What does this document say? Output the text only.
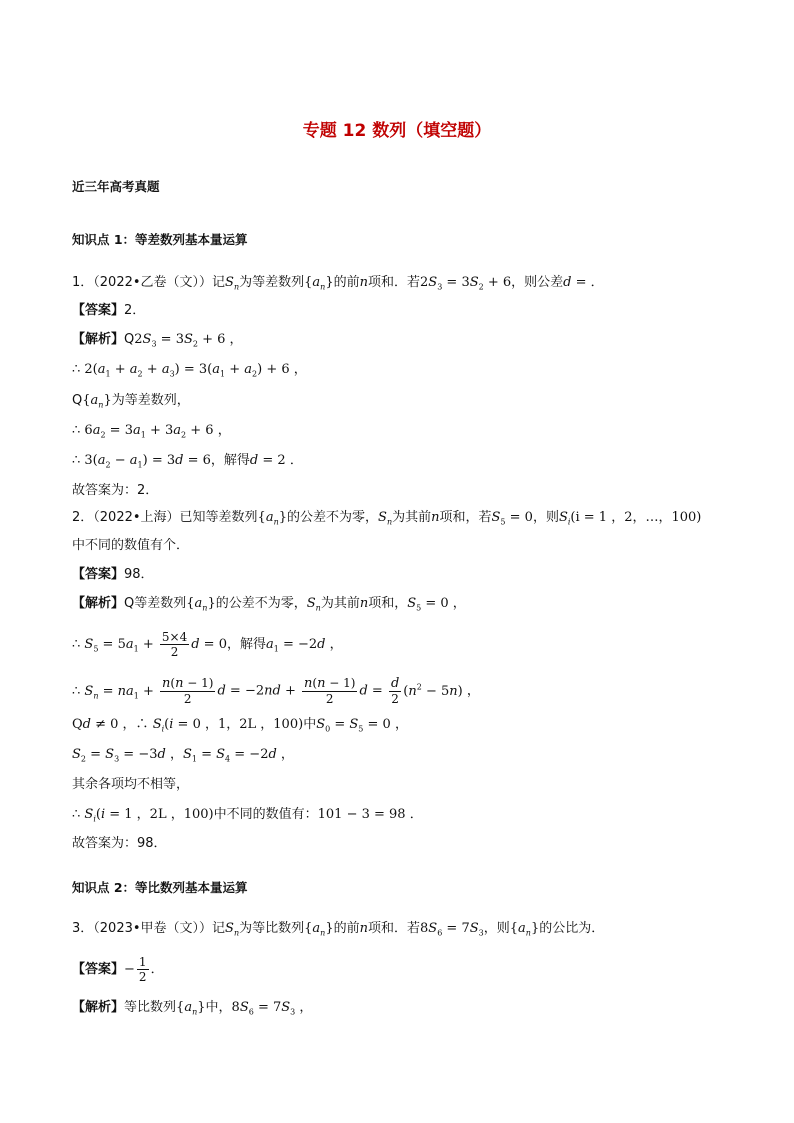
专题 12 数列（填空题）
近三年高考真题
知识点 1：等差数列基本量运算
1．（2022•乙卷（文））记$S_n$为等差数列$\{a_n\}$的前n项和．若$2S_3 = 3S_2 + 6$，则公差d = ．
【答案】2．
【解析】$Q2S_3 = 3S_2 + 6$ ，
∴ $2(a_1 + a_2 + a_3) = 3(a_1 + a_2) + 6$ ，
$Q\{a_n\}$为等差数列，
∴ $6a_2 = 3a_1 + 3a_2 + 6$ ，
∴ $3(a_2 - a_1) = 3d = 6$，解得d = 2 ．
故答案为：2．
2．（2022•上海）已知等差数列$\{a_n\}$的公差不为零，$S_n$为其前n项和，若$S_5 = 0$，则$S_i(i = 1$ ，2，…，100)
中不同的数值有个．
【答案】98．
【解析】Q等差数列$\{a_n\}$的公差不为零，$S_n$为其前n项和，$S_5 = 0$ ，
∴ $S_5 = 5a_1 + \frac{5\times 4}{2}$ d = 0，解得$a_1 = -2d$ ，
∴ $S_n = na_1 + \frac{n(n - 1)}{2}$ $d = -2nd + \frac{n(n - 1)}{2}$ $d = \frac{d}{2} (n^2 - 5n)$ ，
Qd ≠ 0 ，∴ $S_i(i = 0$ ，1，2L ，100)中$S_0 = S_5 = 0$ ，
$S_2 = S_3 = -3d$ ，$S_1 = S_4 = -2d$ ，
其余各项均不相等，
∴ $S_i(i = 1$ ，2L ，100)中不同的数值有：101 − 3 = 98 ．
故答案为：98．
知识点 2：等比数列基本量运算
3．（2023•甲卷（文））记$S_n$为等比数列$\{a_n\}$的前n项和．若$8S_6 = 7S_3$，则$\{a_n\}$的公比为．
【答案】− $\frac{1}{2}$ ．
【解析】等比数列$\{a_n\}$中，$8S_6 = 7S_3$ ，
